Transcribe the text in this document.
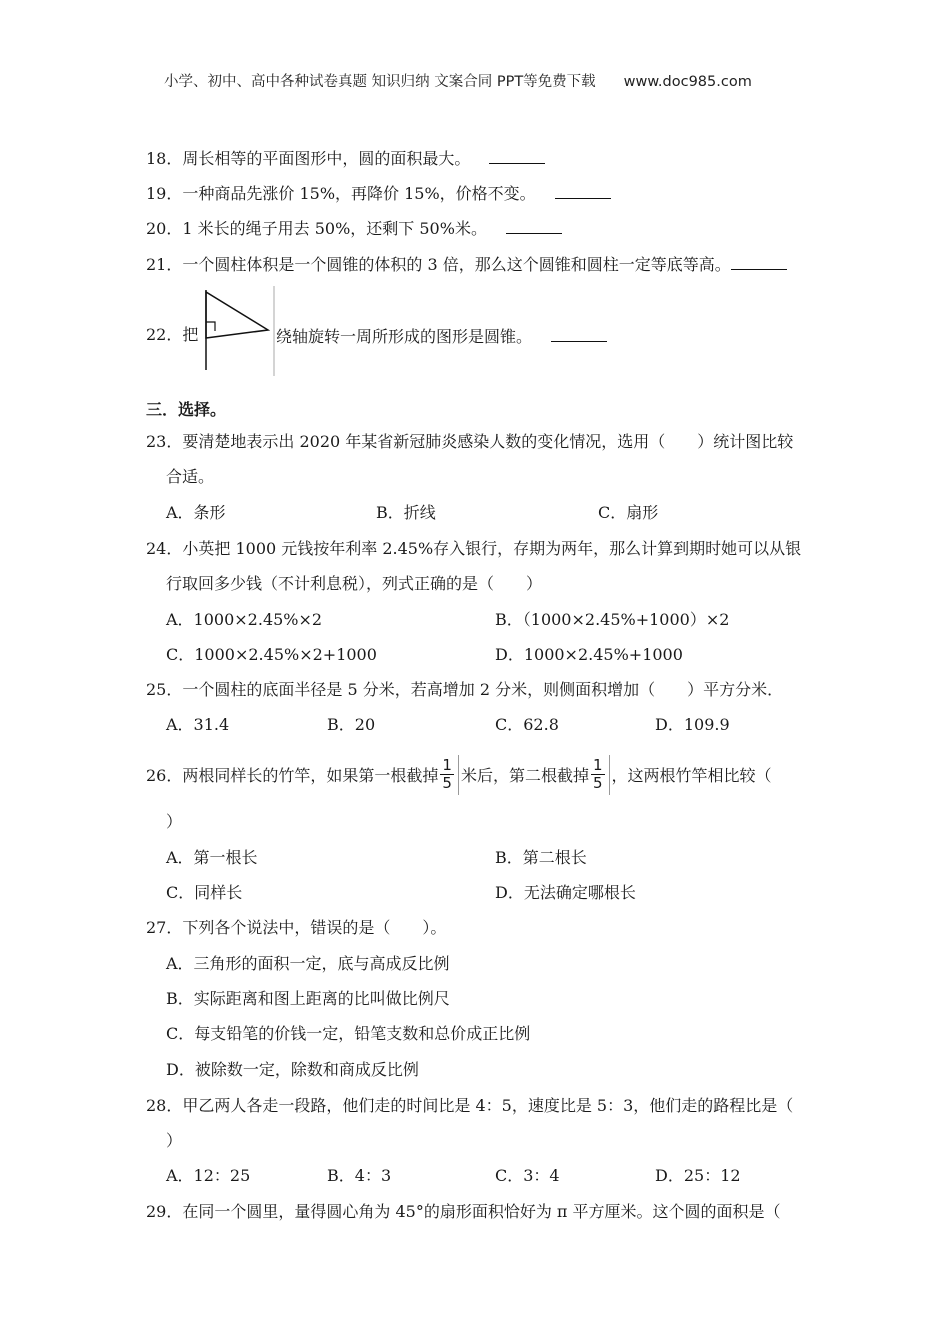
小学、初中、高中各种试卷真题 知识归纳 文案合同 PPT等免费下载 www.doc985.com
18．周长相等的平面图形中，圆的面积最大。
19．一种商品先涨价 15%，再降价 15%，价格不变。
20．1 米长的绳子用去 50%，还剩下 50%米。
21．一个圆柱体积是一个圆锥的体积的 3 倍，那么这个圆锥和圆柱一定等底等高。
22．把	绕轴旋转一周所形成的图形是圆锥。
三．选择。
23．要清楚地表示出 2020 年某省新冠肺炎感染人数的变化情况，选用（　　）统计图比较
合适。
A．条形	B．折线	C．扇形
24．小英把 1000 元钱按年利率 2.45%存入银行，存期为两年，那么计算到期时她可以从银
行取回多少钱（不计利息税），列式正确的是（　　）
A．1000×2.45%×2	B．（1000×2.45%+1000）×2
C．1000×2.45%×2+1000	D．1000×2.45%+1000
25．一个圆柱的底面半径是 5 分米，若高增加 2 分米，则侧面积增加（　　）平方分米．
A．31.4	B．20	C．62.8	D．109.9
26．两根同样长的竹竿，如果第一根截掉 $\frac{1}{5}$ 米后，第二根截掉 $\frac{1}{5}$ ，这两根竹竿相比较（
）
A．第一根长	B．第二根长
C．同样长	D．无法确定哪根长
27．下列各个说法中，错误的是（　　）。
A．三角形的面积一定，底与高成反比例
B．实际距离和图上距离的比叫做比例尺
C．每支铅笔的价钱一定，铅笔支数和总价成正比例
D．被除数一定，除数和商成反比例
28．甲乙两人各走一段路，他们走的时间比是 4：5，速度比是 5：3，他们走的路程比是（
）
A．12：25	B．4：3	C．3：4	D．25：12
29．在同一个圆里，量得圆心角为 45°的扇形面积恰好为 π 平方厘米。这个圆的面积是（
